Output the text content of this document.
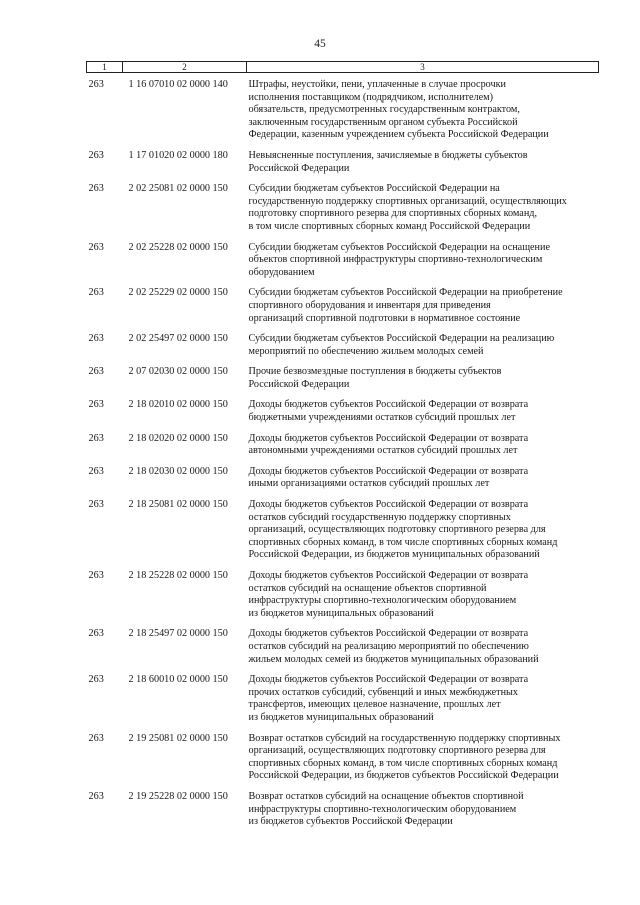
45
1	2	3

263	1 16 07010 02 0000 140	Штрафы, неустойки, пени, уплаченные в случае просрочки
исполнения поставщиком (подрядчиком, исполнителем)
обязательств, предусмотренных государственным контрактом,
заключенным государственным органом субъекта Российской
Федерации, казенным учреждением субъекта Российской Федерации

263	1 17 01020 02 0000 180	Невыясненные поступления, зачисляемые в бюджеты субъектов
Российской Федерации

263	2 02 25081 02 0000 150	Субсидии бюджетам субъектов Российской Федерации на
государственную поддержку спортивных организаций, осуществляющих
подготовку спортивного резерва для спортивных сборных команд,
в том числе спортивных сборных команд Российской Федерации

263	2 02 25228 02 0000 150	Субсидии бюджетам субъектов Российской Федерации на оснащение
объектов спортивной инфраструктуры спортивно-технологическим
оборудованием

263	2 02 25229 02 0000 150	Субсидии бюджетам субъектов Российской Федерации на приобретение
спортивного оборудования и инвентаря для приведения
организаций спортивной подготовки в нормативное состояние

263	2 02 25497 02 0000 150	Субсидии бюджетам субъектов Российской Федерации на реализацию
мероприятий по обеспечению жильем молодых семей

263	2 07 02030 02 0000 150	Прочие безвозмездные поступления в бюджеты субъектов
Российской Федерации

263	2 18 02010 02 0000 150	Доходы бюджетов субъектов Российской Федерации от возврата
бюджетными учреждениями остатков субсидий прошлых лет

263	2 18 02020 02 0000 150	Доходы бюджетов субъектов Российской Федерации от возврата
автономными учреждениями остатков субсидий прошлых лет

263	2 18 02030 02 0000 150	Доходы бюджетов субъектов Российской Федерации от возврата
иными организациями остатков субсидий прошлых лет

263	2 18 25081 02 0000 150	Доходы бюджетов субъектов Российской Федерации от возврата
остатков субсидий государственную поддержку спортивных
организаций, осуществляющих подготовку спортивного резерва для
спортивных сборных команд, в том числе спортивных сборных команд
Российской Федерации, из бюджетов муниципальных образований

263	2 18 25228 02 0000 150	Доходы бюджетов субъектов Российской Федерации от возврата
остатков субсидий на оснащение объектов спортивной
инфраструктуры спортивно-технологическим оборудованием
из бюджетов муниципальных образований

263	2 18 25497 02 0000 150	Доходы бюджетов субъектов Российской Федерации от возврата
остатков субсидий на реализацию мероприятий по обеспечению
жильем молодых семей из бюджетов муниципальных образований

263	2 18 60010 02 0000 150	Доходы бюджетов субъектов Российской Федерации от возврата
прочих остатков субсидий, субвенций и иных межбюджетных
трансфертов, имеющих целевое назначение, прошлых лет
из бюджетов муниципальных образований

263	2 19 25081 02 0000 150	Возврат остатков субсидий на государственную поддержку спортивных
организаций, осуществляющих подготовку спортивного резерва для
спортивных сборных команд, в том числе спортивных сборных команд
Российской Федерации, из бюджетов субъектов Российской Федерации

263	2 19 25228 02 0000 150	Возврат остатков субсидий на оснащение объектов спортивной
инфраструктуры спортивно-технологическим оборудованием
из бюджетов субъектов Российской Федерации
